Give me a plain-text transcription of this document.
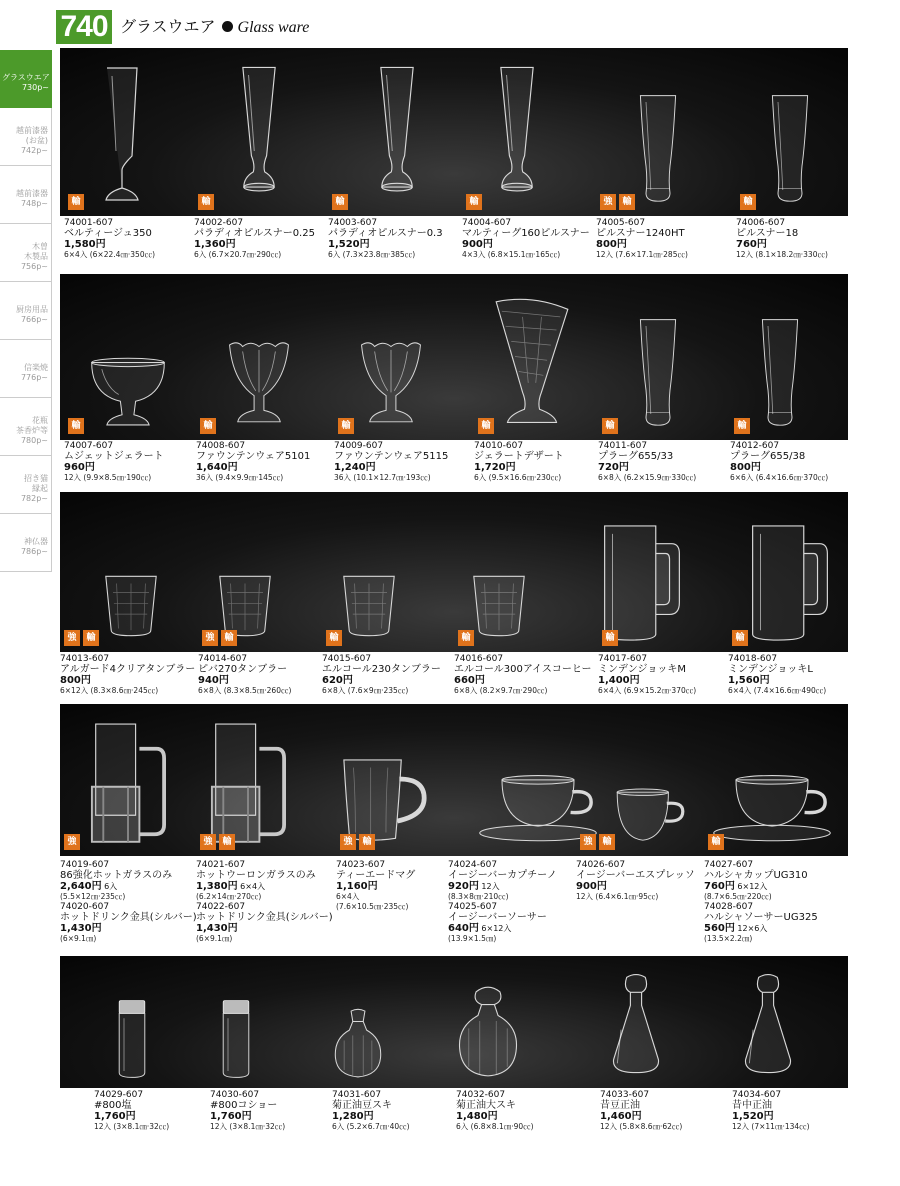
740 グラスウエア Glass ware
グラスウエア
730p~
越前漆器
(お盆)
742p~
越前漆器
748p~
木曽
木製品
756p~
厨房用品
766p~
信楽焼
776p~
花瓶
茶香炉等
780p~
招き猫
縁起
782p~
神仏器
786p~
輸	輸	輸	輸	強	輸	輸
74001-607
ベルティージュ350
1,580円
6×4入 (6×22.4㎝·350㏄)
74002-607
パラディオピルスナー0.25
1,360円
6入 (6.7×20.7㎝·290㏄)
74003-607
パラディオピルスナー0.3
1,520円
6入 (7.3×23.8㎝·385㏄)
74004-607
マルティーグ160ピルスナー
900円
4×3入 (6.8×15.1㎝·165㏄)
74005-607
ピルスナー1240HT
800円
12入 (7.6×17.1㎝·285㏄)
74006-607
ピルスナー18
760円
12入 (8.1×18.2㎝·330㏄)
輸	輸	輸	輸	輸	輸
74007-607
ムジェットジェラート
960円
12入 (9.9×8.5㎝·190㏄)
74008-607
ファウンテンウェア5101
1,640円
36入 (9.4×9.9㎝·145㏄)
74009-607
ファウンテンウェア5115
1,240円
36入 (10.1×12.7㎝·193㏄)
74010-607
ジェラートデザート
1,720円
6入 (9.5×16.6㎝·230㏄)
74011-607
プラーグ655/33
720円
6×8入 (6.2×15.9㎝·330㏄)
74012-607
プラーグ655/38
800円
6×6入 (6.4×16.6㎝·370㏄)
強	輸	強	輸	輸	輸	輸	輸
74013-607
アルガード4クリアタンブラー
800円
6×12入 (8.3×8.6㎝·245㏄)
74014-607
ピバ270タンブラー
940円
6×8入 (8.3×8.5㎝·260㏄)
74015-607
エルコール230タンブラー
620円
6×8入 (7.6×9㎝·235㏄)
74016-607
エルコール300アイスコーヒー
660円
6×8入 (8.2×9.7㎝·290㏄)
74017-607
ミンデンジョッキM
1,400円
6×4入 (6.9×15.2㎝·370㏄)
74018-607
ミンデンジョッキL
1,560円
6×4入 (7.4×16.6㎝·490㏄)
強	強	輸	強	輸	強	輸	輸
74019-607
86強化ホットガラスのみ
2,640円 6入
(5.5×12㎝·235㏄)
74020-607
ホットドリンク金具(シルバー)
1,430円
(6×9.1㎝)
74021-607
ホットウーロンガラスのみ
1,380円 6×4入
(6.2×14㎝·270㏄)
74022-607
ホットドリンク金具(シルバー)
1,430円
(6×9.1㎝)
74023-607
ティーエードマグ
1,160円
6×4入
(7.6×10.5㎝·235㏄)
74024-607
イージーバーカプチーノ
920円 12入
(8.3×8㎝·210㏄)
74025-607
イージーバーソーサー
640円 6×12入
(13.9×1.5㎝)
74026-607
イージーバーエスプレッソ
900円
12入 (6.4×6.1㎝·95㏄)
74027-607
ハルシャカップUG310
760円 6×12入
(8.7×6.5㎝·220㏄)
74028-607
ハルシャソーサーUG325
560円 12×6入
(13.5×2.2㎝)
74029-607
#800塩
1,760円
12入 (3×8.1㎝·32㏄)
74030-607
#800コショー
1,760円
12入 (3×8.1㎝·32㏄)
74031-607
菊正油豆スキ
1,280円
6入 (5.2×6.7㎝·40㏄)
74032-607
菊正油大スキ
1,480円
6入 (6.8×8.1㎝·90㏄)
74033-607
昔豆正油
1,460円
12入 (5.8×8.6㎝·62㏄)
74034-607
昔中正油
1,520円
12入 (7×11㎝·134㏄)
